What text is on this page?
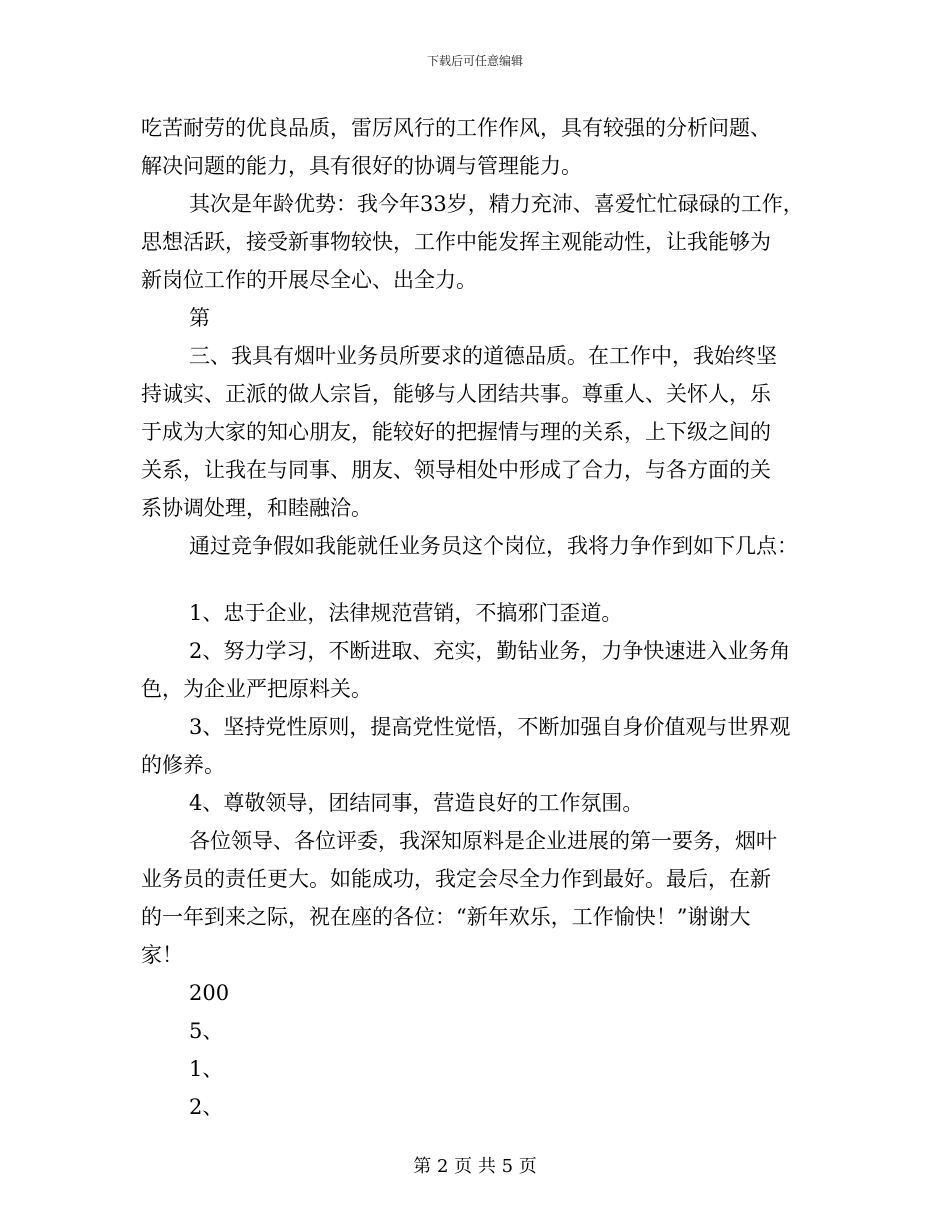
下载后可任意编辑
吃苦耐劳的优良品质，雷厉风行的工作作风，具有较强的分析问题、
解决问题的能力，具有很好的协调与管理能力。
其次是年龄优势：我今年33岁，精力充沛、喜爱忙忙碌碌的工作，
思想活跃，接受新事物较快，工作中能发挥主观能动性，让我能够为
新岗位工作的开展尽全心、出全力。
第
三、我具有烟叶业务员所要求的道德品质。在工作中，我始终坚
持诚实、正派的做人宗旨，能够与人团结共事。尊重人、关怀人，乐
于成为大家的知心朋友，能较好的把握情与理的关系，上下级之间的
关系，让我在与同事、朋友、领导相处中形成了合力，与各方面的关
系协调处理，和睦融洽。
通过竞争假如我能就任业务员这个岗位，我将力争作到如下几点：
1、忠于企业，法律规范营销，不搞邪门歪道。
2、努力学习，不断进取、充实，勤钻业务，力争快速进入业务角
色，为企业严把原料关。
3、坚持党性原则，提高党性觉悟，不断加强自身价值观与世界观
的修养。
4、尊敬领导，团结同事，营造良好的工作氛围。
各位领导、各位评委，我深知原料是企业进展的第一要务，烟叶
业务员的责任更大。如能成功，我定会尽全力作到最好。最后，在新
的一年到来之际，祝在座的各位：“新年欢乐，工作愉快！”谢谢大
家！
200
5、
1、
2、
第 2 页 共 5 页
